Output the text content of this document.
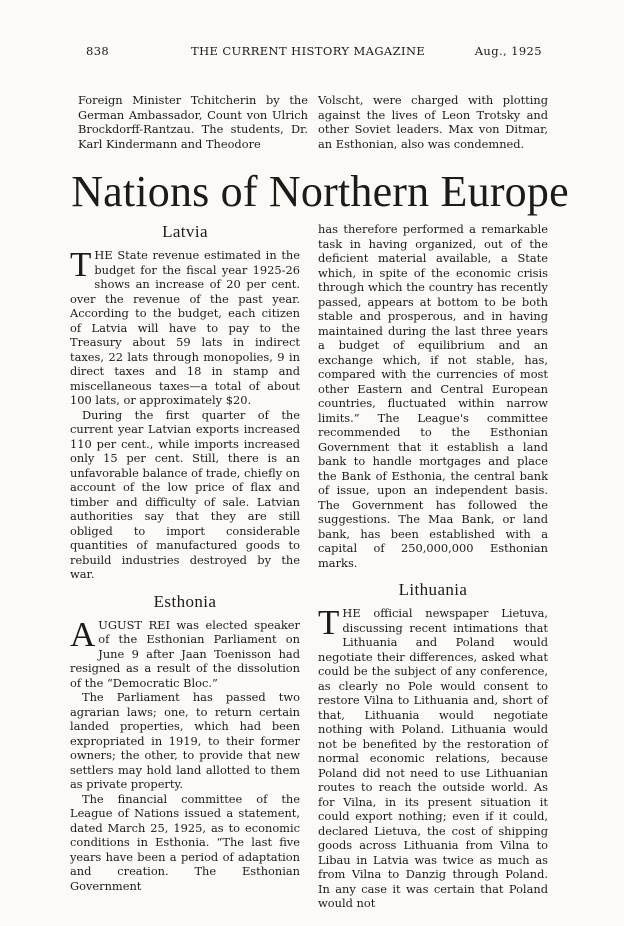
838	THE CURRENT HISTORY MAGAZINE	Aug., 1925

Foreign Minister Tchitcherin by the German Ambassador, Count von Ulrich Brockdorff-Rantzau. The students, Dr. Karl Kindermann and Theodore

Volscht, were charged with plotting against the lives of Leon Trotsky and other Soviet leaders. Max von Ditmar, an Esthonian, also was condemned.

Nations of Northern Europe
Latvia

THE State revenue estimated in the budget for the fiscal year 1925-26 shows an increase of 20 per cent. over the revenue of the past year. According to the budget, each citizen of Latvia will have to pay to the Treasury about 59 lats in indirect taxes, 22 lats through monopolies, 9 in direct taxes and 18 in stamp and miscellaneous taxes—a total of about 100 lats, or approximately $20.

During the first quarter of the current year Latvian exports increased 110 per cent., while imports increased only 15 per cent. Still, there is an unfavorable balance of trade, chiefly on account of the low price of flax and timber and difficulty of sale. Latvian authorities say that they are still obliged to import considerable quantities of manufactured goods to rebuild industries destroyed by the war.

Esthonia

AUGUST REI was elected speaker of the Esthonian Parliament on June 9 after Jaan Toenisson had resigned as a result of the dissolution of the “Democratic Bloc.”

The Parliament has passed two agrarian laws; one, to return certain landed properties, which had been expropriated in 1919, to their former owners; the other, to provide that new settlers may hold land allotted to them as private property.

The financial committee of the League of Nations issued a statement, dated March 25, 1925, as to economic conditions in Esthonia. “The last five years have been a period of adaptation and creation. The Esthonian Government

has therefore performed a remarkable task in having organized, out of the deficient material available, a State which, in spite of the economic crisis through which the country has recently passed, appears at bottom to be both stable and prosperous, and in having maintained during the last three years a budget of equilibrium and an exchange which, if not stable, has, compared with the currencies of most other Eastern and Central European countries, fluctuated within narrow limits.” The League's committee recommended to the Esthonian Government that it establish a land bank to handle mortgages and place the Bank of Esthonia, the central bank of issue, upon an independent basis. The Government has followed the suggestions. The Maa Bank, or land bank, has been established with a capital of 250,000,000 Esthonian marks.

Lithuania

THE official newspaper Lietuva, discussing recent intimations that Lithuania and Poland would negotiate their differences, asked what could be the subject of any conference, as clearly no Pole would consent to restore Vilna to Lithuania and, short of that, Lithuania would negotiate nothing with Poland. Lithuania would not be benefited by the restoration of normal economic relations, because Poland did not need to use Lithuanian routes to reach the outside world. As for Vilna, in its present situation it could export nothing; even if it could, declared Lietuva, the cost of shipping goods across Lithuania from Vilna to Libau in Latvia was twice as much as from Vilna to Danzig through Poland. In any case it was certain that Poland would not
